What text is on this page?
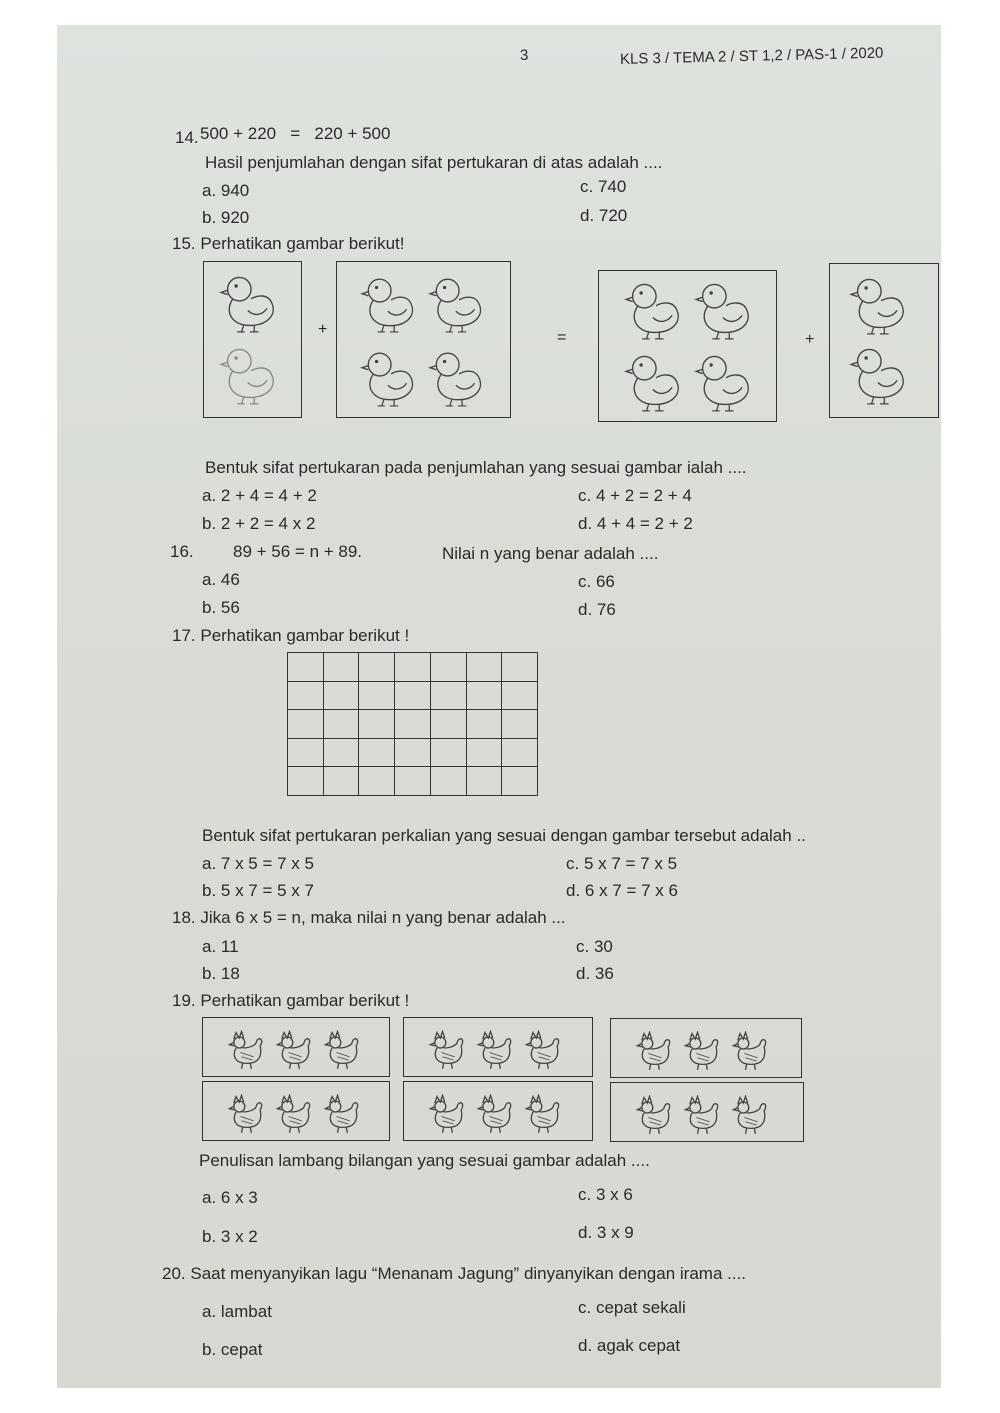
3	KLS 3 / TEMA 2 / ST 1,2 / PAS-1 / 2020
14. 500 + 220   =   220 + 500
Hasil penjumlahan dengan sifat pertukaran di atas adalah ....
a. 940	c. 740
b. 920	d. 720
15. Perhatikan gambar berikut!
+	=	+
Bentuk sifat pertukaran pada penjumlahan yang sesuai gambar ialah ....
a. 2 + 4 = 4 + 2	c. 4 + 2 = 2 + 4
b. 2 + 2 = 4 x 2	d. 4 + 4 = 2 + 2
16. 89 + 56 = n + 89.	Nilai n yang benar adalah ....
a. 46	c. 66
b. 56	d. 76
17. Perhatikan gambar berikut !

Bentuk sifat pertukaran perkalian yang sesuai dengan gambar tersebut adalah ..
a. 7 x 5 = 7 x 5	c. 5 x 7 = 7 x 5
b. 5 x 7 = 5 x 7	d. 6 x 7 = 7 x 6
18. Jika 6 x 5 = n, maka nilai n yang benar adalah ...
a. 11	c. 30
b. 18	d. 36
19. Perhatikan gambar berikut !
Penulisan lambang bilangan yang sesuai gambar adalah ....
a. 6 x 3	c. 3 x 6
b. 3 x 2	d. 3 x 9
20. Saat menyanyikan lagu “Menanam Jagung” dinyanyikan dengan irama ....
a. lambat	c. cepat sekali
b. cepat	d. agak cepat
